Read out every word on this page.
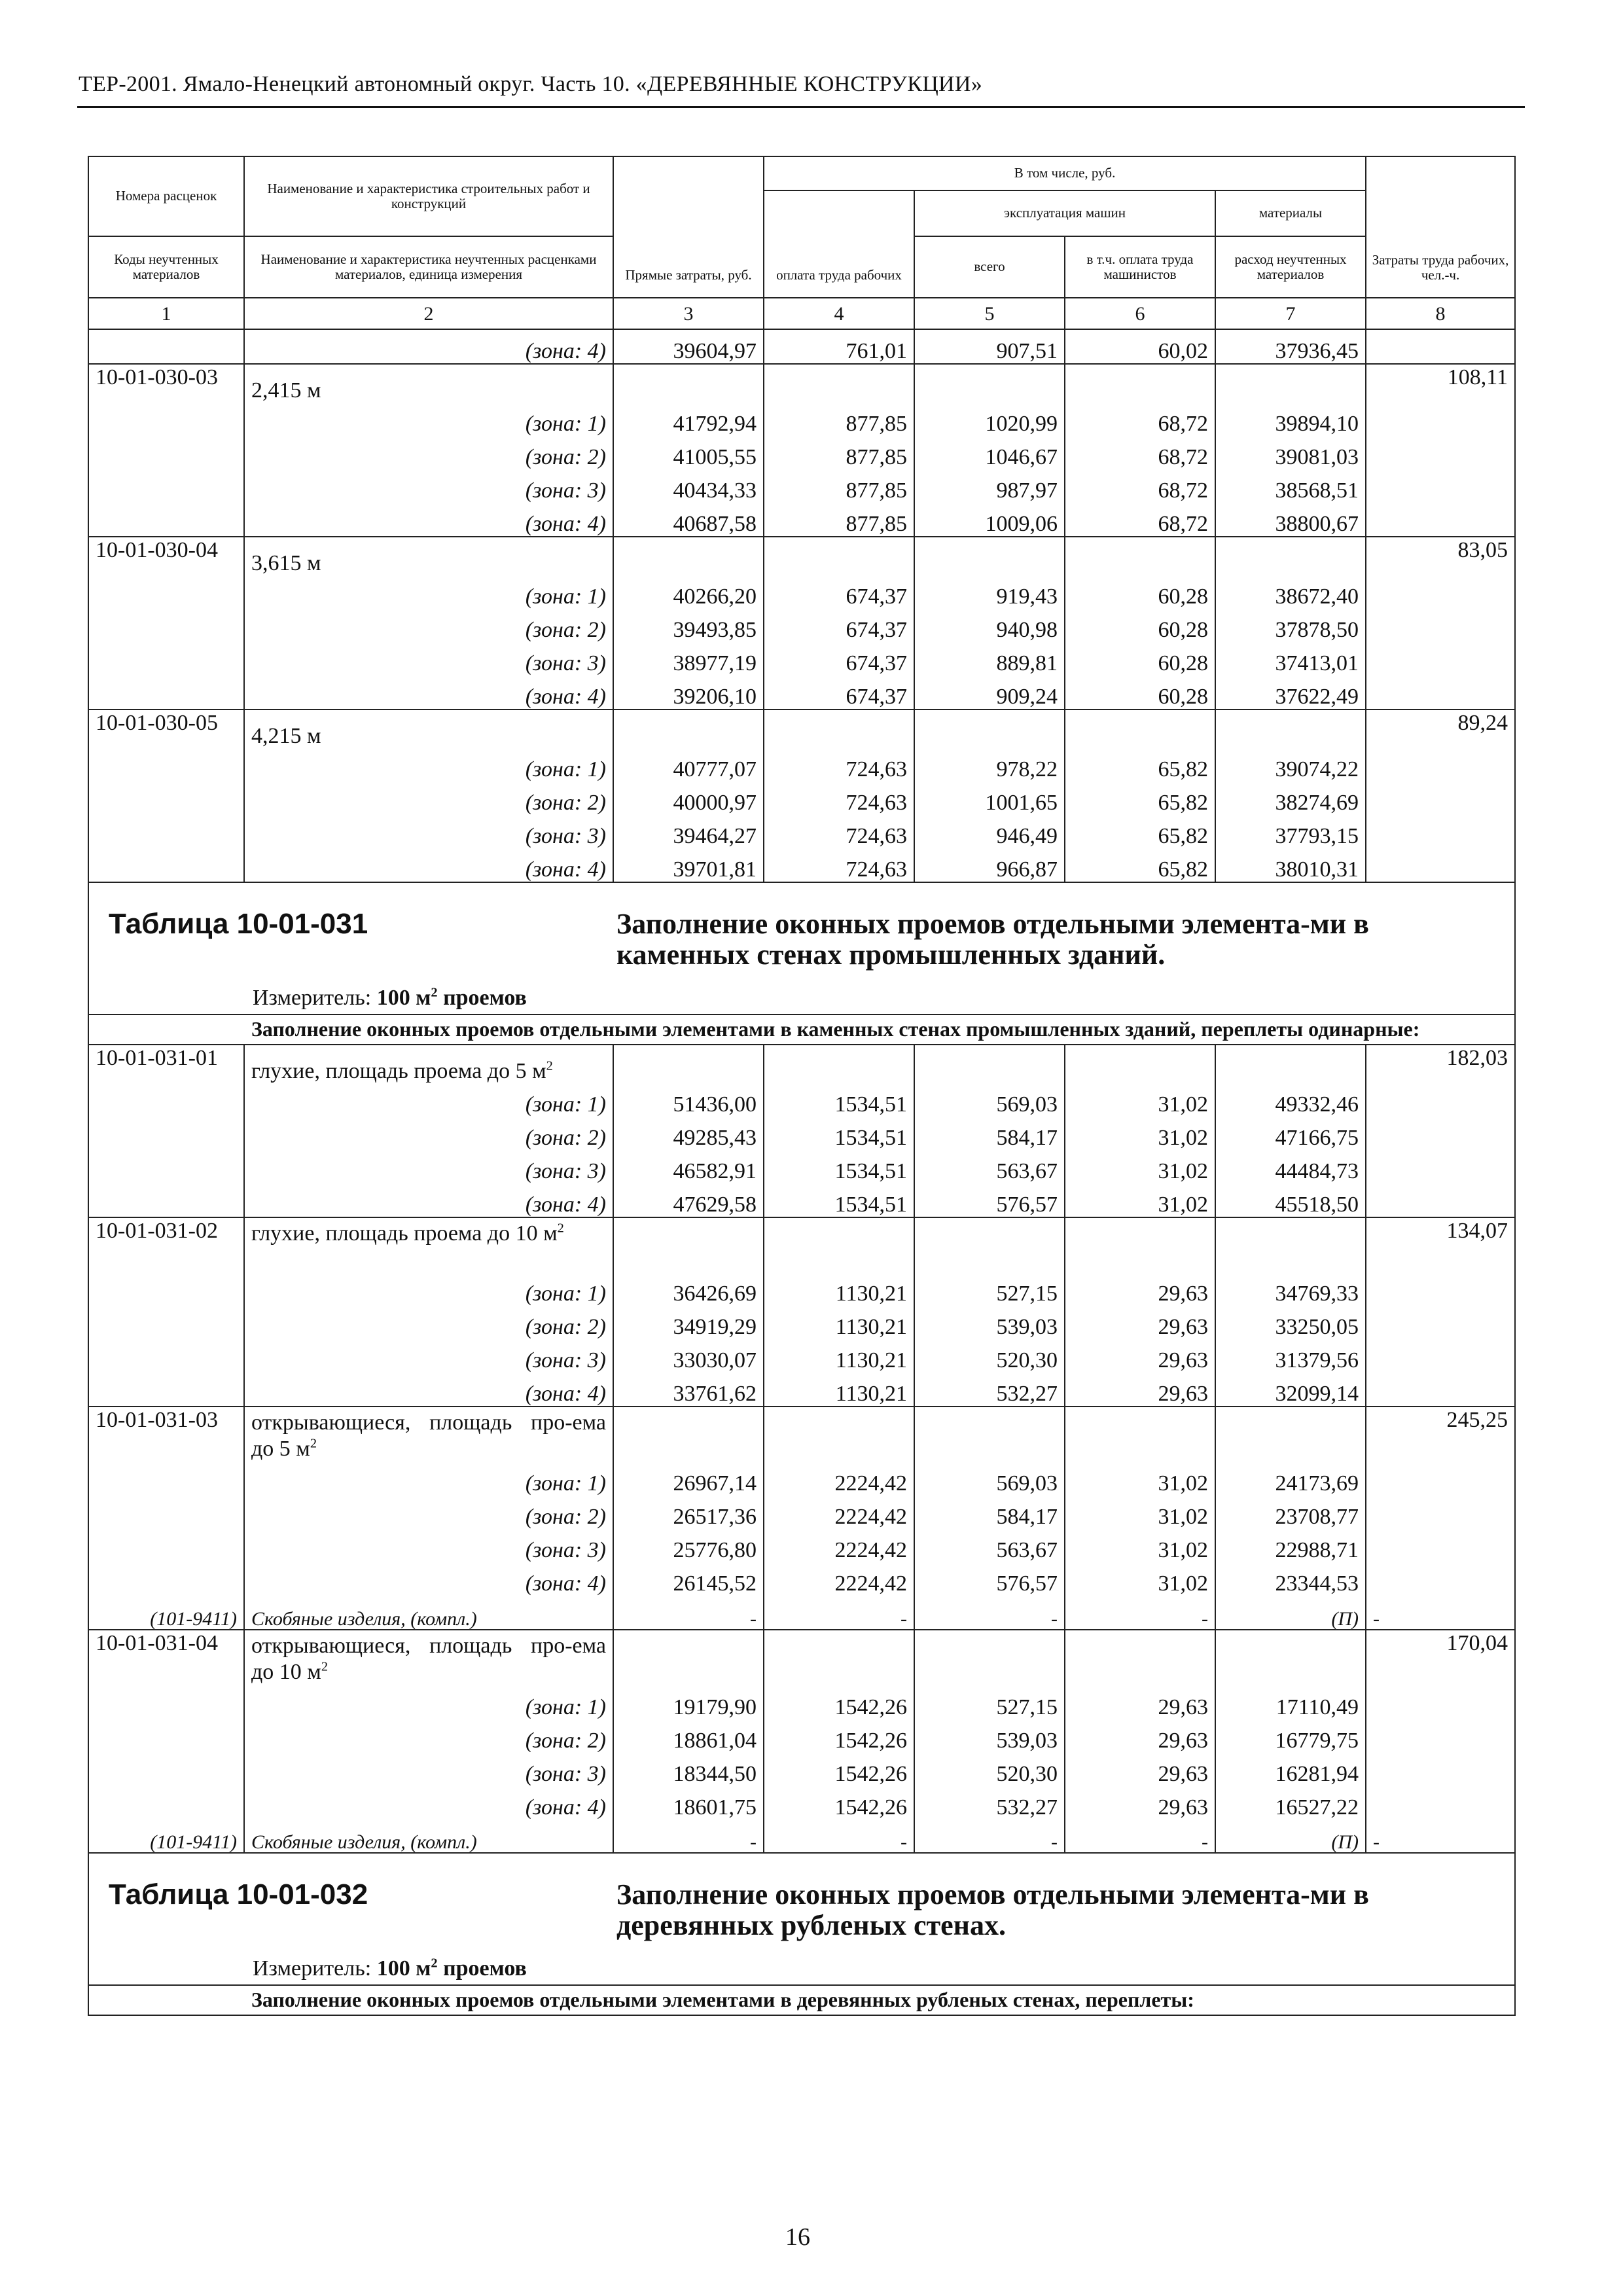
ТЕР-2001. Ямало-Ненецкий автономный округ. Часть 10. «ДЕРЕВЯННЫЕ КОНСТРУКЦИИ»
Номера расценок	Наименование и характеристика строительных работ и конструкций	Прямые затраты, руб.	В том числе, руб.				Затраты труда рабочих, чел.-ч.
			оплата труда рабочих	эксплуатация машин		материалы	
Коды неучтенных материалов	Наименование и характеристика неучтенных расценками материалов, единица измерения			всего	в т.ч. оплата труда машинистов	расход неучтенных материалов	

1	2	3	4	5	6	7	8
	(зона: 4)	39604,97	761,01	907,51	60,02	37936,45	
10-01-030-03	2,415 м						108,11
	(зона: 1)	41792,94	877,85	1020,99	68,72	39894,10	
	(зона: 2)	41005,55	877,85	1046,67	68,72	39081,03	
	(зона: 3)	40434,33	877,85	987,97	68,72	38568,51	
	(зона: 4)	40687,58	877,85	1009,06	68,72	38800,67	
10-01-030-04	3,615 м						83,05
	(зона: 1)	40266,20	674,37	919,43	60,28	38672,40	
	(зона: 2)	39493,85	674,37	940,98	60,28	37878,50	
	(зона: 3)	38977,19	674,37	889,81	60,28	37413,01	
	(зона: 4)	39206,10	674,37	909,24	60,28	37622,49	
10-01-030-05	4,215 м						89,24
	(зона: 1)	40777,07	724,63	978,22	65,82	39074,22	
	(зона: 2)	40000,97	724,63	1001,65	65,82	38274,69	
	(зона: 3)	39464,27	724,63	946,49	65,82	37793,15	
	(зона: 4)	39701,81	724,63	966,87	65,82	38010,31	

Таблица 10-01-031 Заполнение оконных проемов отдельными элемента-ми в каменных стенах промышленных зданий.
Измеритель: 100 $м^2$ проемов							

Заполнение оконных проемов отдельными элементами в каменных стенах промышленных зданий, переплеты одинарные:							
10-01-031-01	глухие, площадь проема до 5 $м^2$						182,03
	(зона: 1)	51436,00	1534,51	569,03	31,02	49332,46	
	(зона: 2)	49285,43	1534,51	584,17	31,02	47166,75	
	(зона: 3)	46582,91	1534,51	563,67	31,02	44484,73	
	(зона: 4)	47629,58	1534,51	576,57	31,02	45518,50	
10-01-031-02	глухие, площадь проема до 10 $м^2$						134,07
	(зона: 1)	36426,69	1130,21	527,15	29,63	34769,33	
	(зона: 2)	34919,29	1130,21	539,03	29,63	33250,05	
	(зона: 3)	33030,07	1130,21	520,30	29,63	31379,56	
	(зона: 4)	33761,62	1130,21	532,27	29,63	32099,14	
10-01-031-03	открывающиеся, площадь про-ема до 5 $м^2$						245,25
	(зона: 1)	26967,14	2224,42	569,03	31,02	24173,69	
	(зона: 2)	26517,36	2224,42	584,17	31,02	23708,77	
	(зона: 3)	25776,80	2224,42	563,67	31,02	22988,71	
	(зона: 4)	26145,52	2224,42	576,57	31,02	23344,53	
(101-9411)	Скобяные изделия, (компл.)	-	-	-	-	(П)	-
10-01-031-04	открывающиеся, площадь про-ема до 10 $м^2$						170,04
	(зона: 1)	19179,90	1542,26	527,15	29,63	17110,49	
	(зона: 2)	18861,04	1542,26	539,03	29,63	16779,75	
	(зона: 3)	18344,50	1542,26	520,30	29,63	16281,94	
	(зона: 4)	18601,75	1542,26	532,27	29,63	16527,22	
(101-9411)	Скобяные изделия, (компл.)	-	-	-	-	(П)	-

Таблица 10-01-032 Заполнение оконных проемов отдельными элемента-ми в деревянных рубленых стенах.
Измеритель: 100 $м^2$ проемов							

Заполнение оконных проемов отдельными элементами в деревянных рубленых стенах, переплеты:							
16
